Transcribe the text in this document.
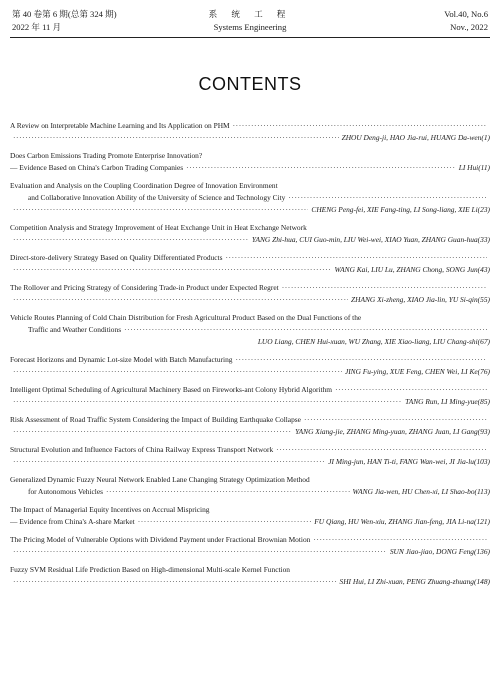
第 40 卷第 6 期(总第 324 期)
2022 年 11 月
系 统 工 程
Systems Engineering
Vol.40, No.6
Nov., 2022
CONTENTS
A Review on Interpretable Machine Learning and Its Application on PHM
·····
·····
ZHOU Deng-ji, HAO Jia-rui, HUANG Da-wen(1)
Does Carbon Emissions Trading Promote Enterprise Innovation?
— Evidence Based on China's Carbon Trading Companies ·····	LI Hui(11)
Evaluation and Analysis on the Coupling Coordination Degree of Innovation Environment
and Collaborative Innovation Ability of the University of Science and Technology City
·····
·····
CHENG Peng-fei, XIE Fang-ting, LI Song-liang, XIE Li(23)
Competition Analysis and Strategy Improvement of Heat Exchange Unit in Heat Exchange Network
·····
YANG Zhi-hua, CUI Guo-min, LIU Wei-wei, XIAO Yuan, ZHANG Guan-hua(33)
Direct-store-delivery Strategy Based on Quality Differentiated Products
·····
·····
WANG Kai, LIU Lu, ZHANG Chong, SONG Jun(43)
The Rollover and Pricing Strategy of Considering Trade-in Product under Expected Regret
·····
·····
ZHANG Xi-zheng, XIAO Jia-lin, YU Si-qin(55)
Vehicle Routes Planning of Cold Chain Distribution for Fresh Agricultural Product Based on the Dual Functions of the
Traffic and Weather Conditions
·····
LUO Liang, CHEN Hui-xuan, WU Zhang, XIE Xiao-liang, LIU Chang-shi(67)
Forecast Horizons and Dynamic Lot-size Model with Batch Manufacturing
·····
·····
JING Fu-ying, XUE Feng, CHEN Wei, LI Ke(76)
Intelligent Optimal Scheduling of Agricultural Machinery Based on Fireworks-ant Colony Hybrid Algorithm
·····
·····
TANG Run, LI Ming-yue(85)
Risk Assessment of Road Traffic System Considering the Impact of Building Earthquake Collapse
·····
·····
YANG Xiang-jie, ZHANG Ming-yuan, ZHANG Juan, LI Gang(93)
Structural Evolution and Influence Factors of China Railway Express Transport Network
·····
·····
JI Ming-jun, HAN Ti-ti, FANG Wan-wei, JI Jia-lu(103)
Generalized Dynamic Fuzzy Neural Network Enabled Lane Changing Strategy Optimization Method
for Autonomous Vehicles ·····	WANG Jia-wen, HU Chen-xi, LI Shao-bo(113)
The Impact of Managerial Equity Incentives on Accrual Mispricing
— Evidence from China's A-share Market ·····	FU Qiang, HU Wen-xiu, ZHANG Jian-feng, JIA Li-na(121)
The Pricing Model of Vulnerable Options with Dividend Payment under Fractional Brownian Motion
·····
·····
SUN Jiao-jiao, DONG Feng(136)
Fuzzy SVM Residual Life Prediction Based on High-dimensional Multi-scale Kernel Function
·····
SHI Hui, LI Zhi-xuan, PENG Zhuang-zhuang(148)
